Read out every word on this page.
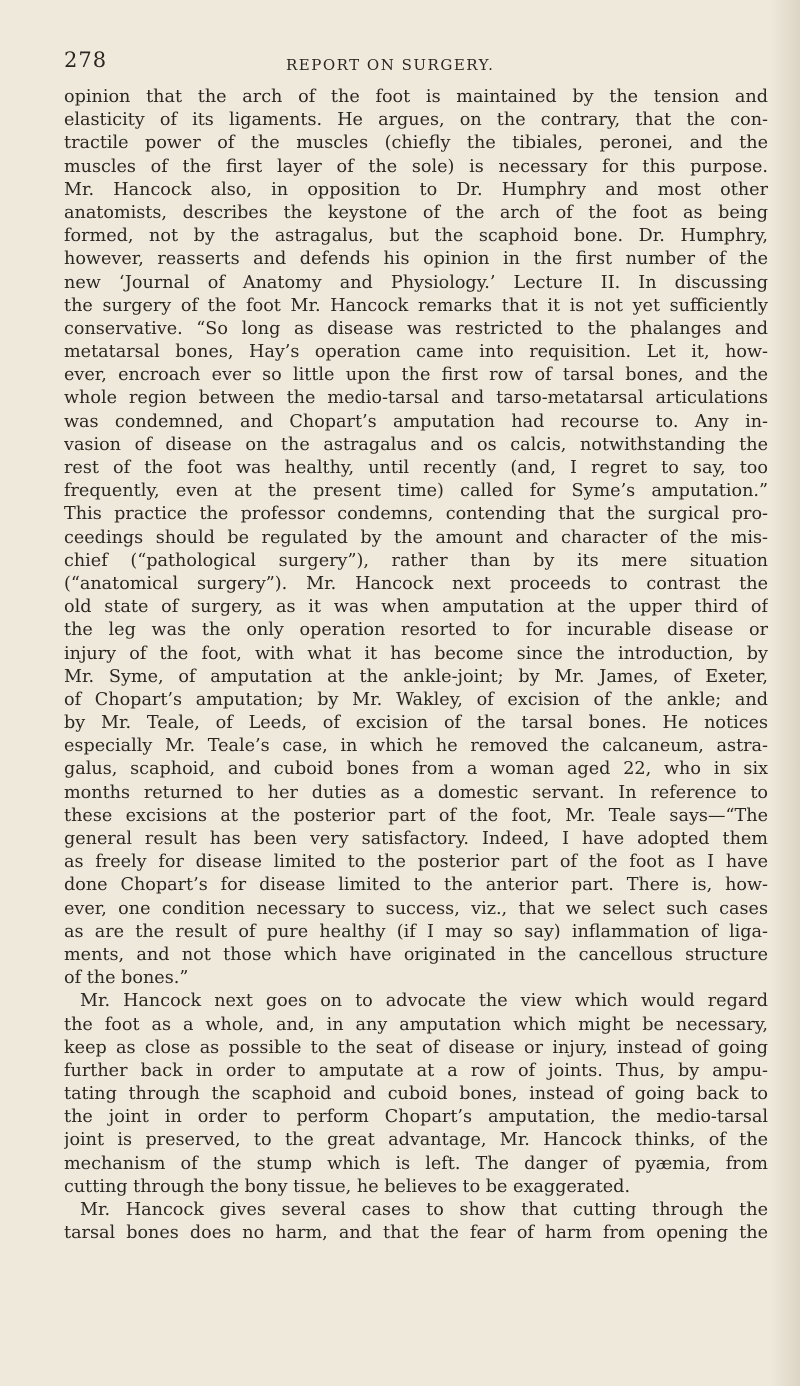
278	REPORT ON SURGERY.
opinion that the arch of the foot is maintained by the tension and
elasticity of its ligaments. He argues, on the contrary, that the con-
tractile power of the muscles (chiefly the tibiales, peronei, and the
muscles of the first layer of the sole) is necessary for this purpose.
Mr. Hancock also, in opposition to Dr. Humphry and most other
anatomists, describes the keystone of the arch of the foot as being
formed, not by the astragalus, but the scaphoid bone. Dr. Humphry,
however, reasserts and defends his opinion in the first number of the
new ‘Journal of Anatomy and Physiology.’ Lecture II. In discussing
the surgery of the foot Mr. Hancock remarks that it is not yet sufficiently
conservative. “So long as disease was restricted to the phalanges and
metatarsal bones, Hay’s operation came into requisition. Let it, how-
ever, encroach ever so little upon the first row of tarsal bones, and the
whole region between the medio-tarsal and tarso-metatarsal articulations
was condemned, and Chopart’s amputation had recourse to. Any in-
vasion of disease on the astragalus and os calcis, notwithstanding the
rest of the foot was healthy, until recently (and, I regret to say, too
frequently, even at the present time) called for Syme’s amputation.”
This practice the professor condemns, contending that the surgical pro-
ceedings should be regulated by the amount and character of the mis-
chief (“pathological surgery”), rather than by its mere situation
(“anatomical surgery”). Mr. Hancock next proceeds to contrast the
old state of surgery, as it was when amputation at the upper third of
the leg was the only operation resorted to for incurable disease or
injury of the foot, with what it has become since the introduction, by
Mr. Syme, of amputation at the ankle-joint; by Mr. James, of Exeter,
of Chopart’s amputation; by Mr. Wakley, of excision of the ankle; and
by Mr. Teale, of Leeds, of excision of the tarsal bones. He notices
especially Mr. Teale’s case, in which he removed the calcaneum, astra-
galus, scaphoid, and cuboid bones from a woman aged 22, who in six
months returned to her duties as a domestic servant. In reference to
these excisions at the posterior part of the foot, Mr. Teale says—“The
general result has been very satisfactory. Indeed, I have adopted them
as freely for disease limited to the posterior part of the foot as I have
done Chopart’s for disease limited to the anterior part. There is, how-
ever, one condition necessary to success, viz., that we select such cases
as are the result of pure healthy (if I may so say) inflammation of liga-
ments, and not those which have originated in the cancellous structure
of the bones.”
Mr. Hancock next goes on to advocate the view which would regard
the foot as a whole, and, in any amputation which might be necessary,
keep as close as possible to the seat of disease or injury, instead of going
further back in order to amputate at a row of joints. Thus, by ampu-
tating through the scaphoid and cuboid bones, instead of going back to
the joint in order to perform Chopart’s amputation, the medio-tarsal
joint is preserved, to the great advantage, Mr. Hancock thinks, of the
mechanism of the stump which is left. The danger of pyæmia, from
cutting through the bony tissue, he believes to be exaggerated.
Mr. Hancock gives several cases to show that cutting through the
tarsal bones does no harm, and that the fear of harm from opening the
